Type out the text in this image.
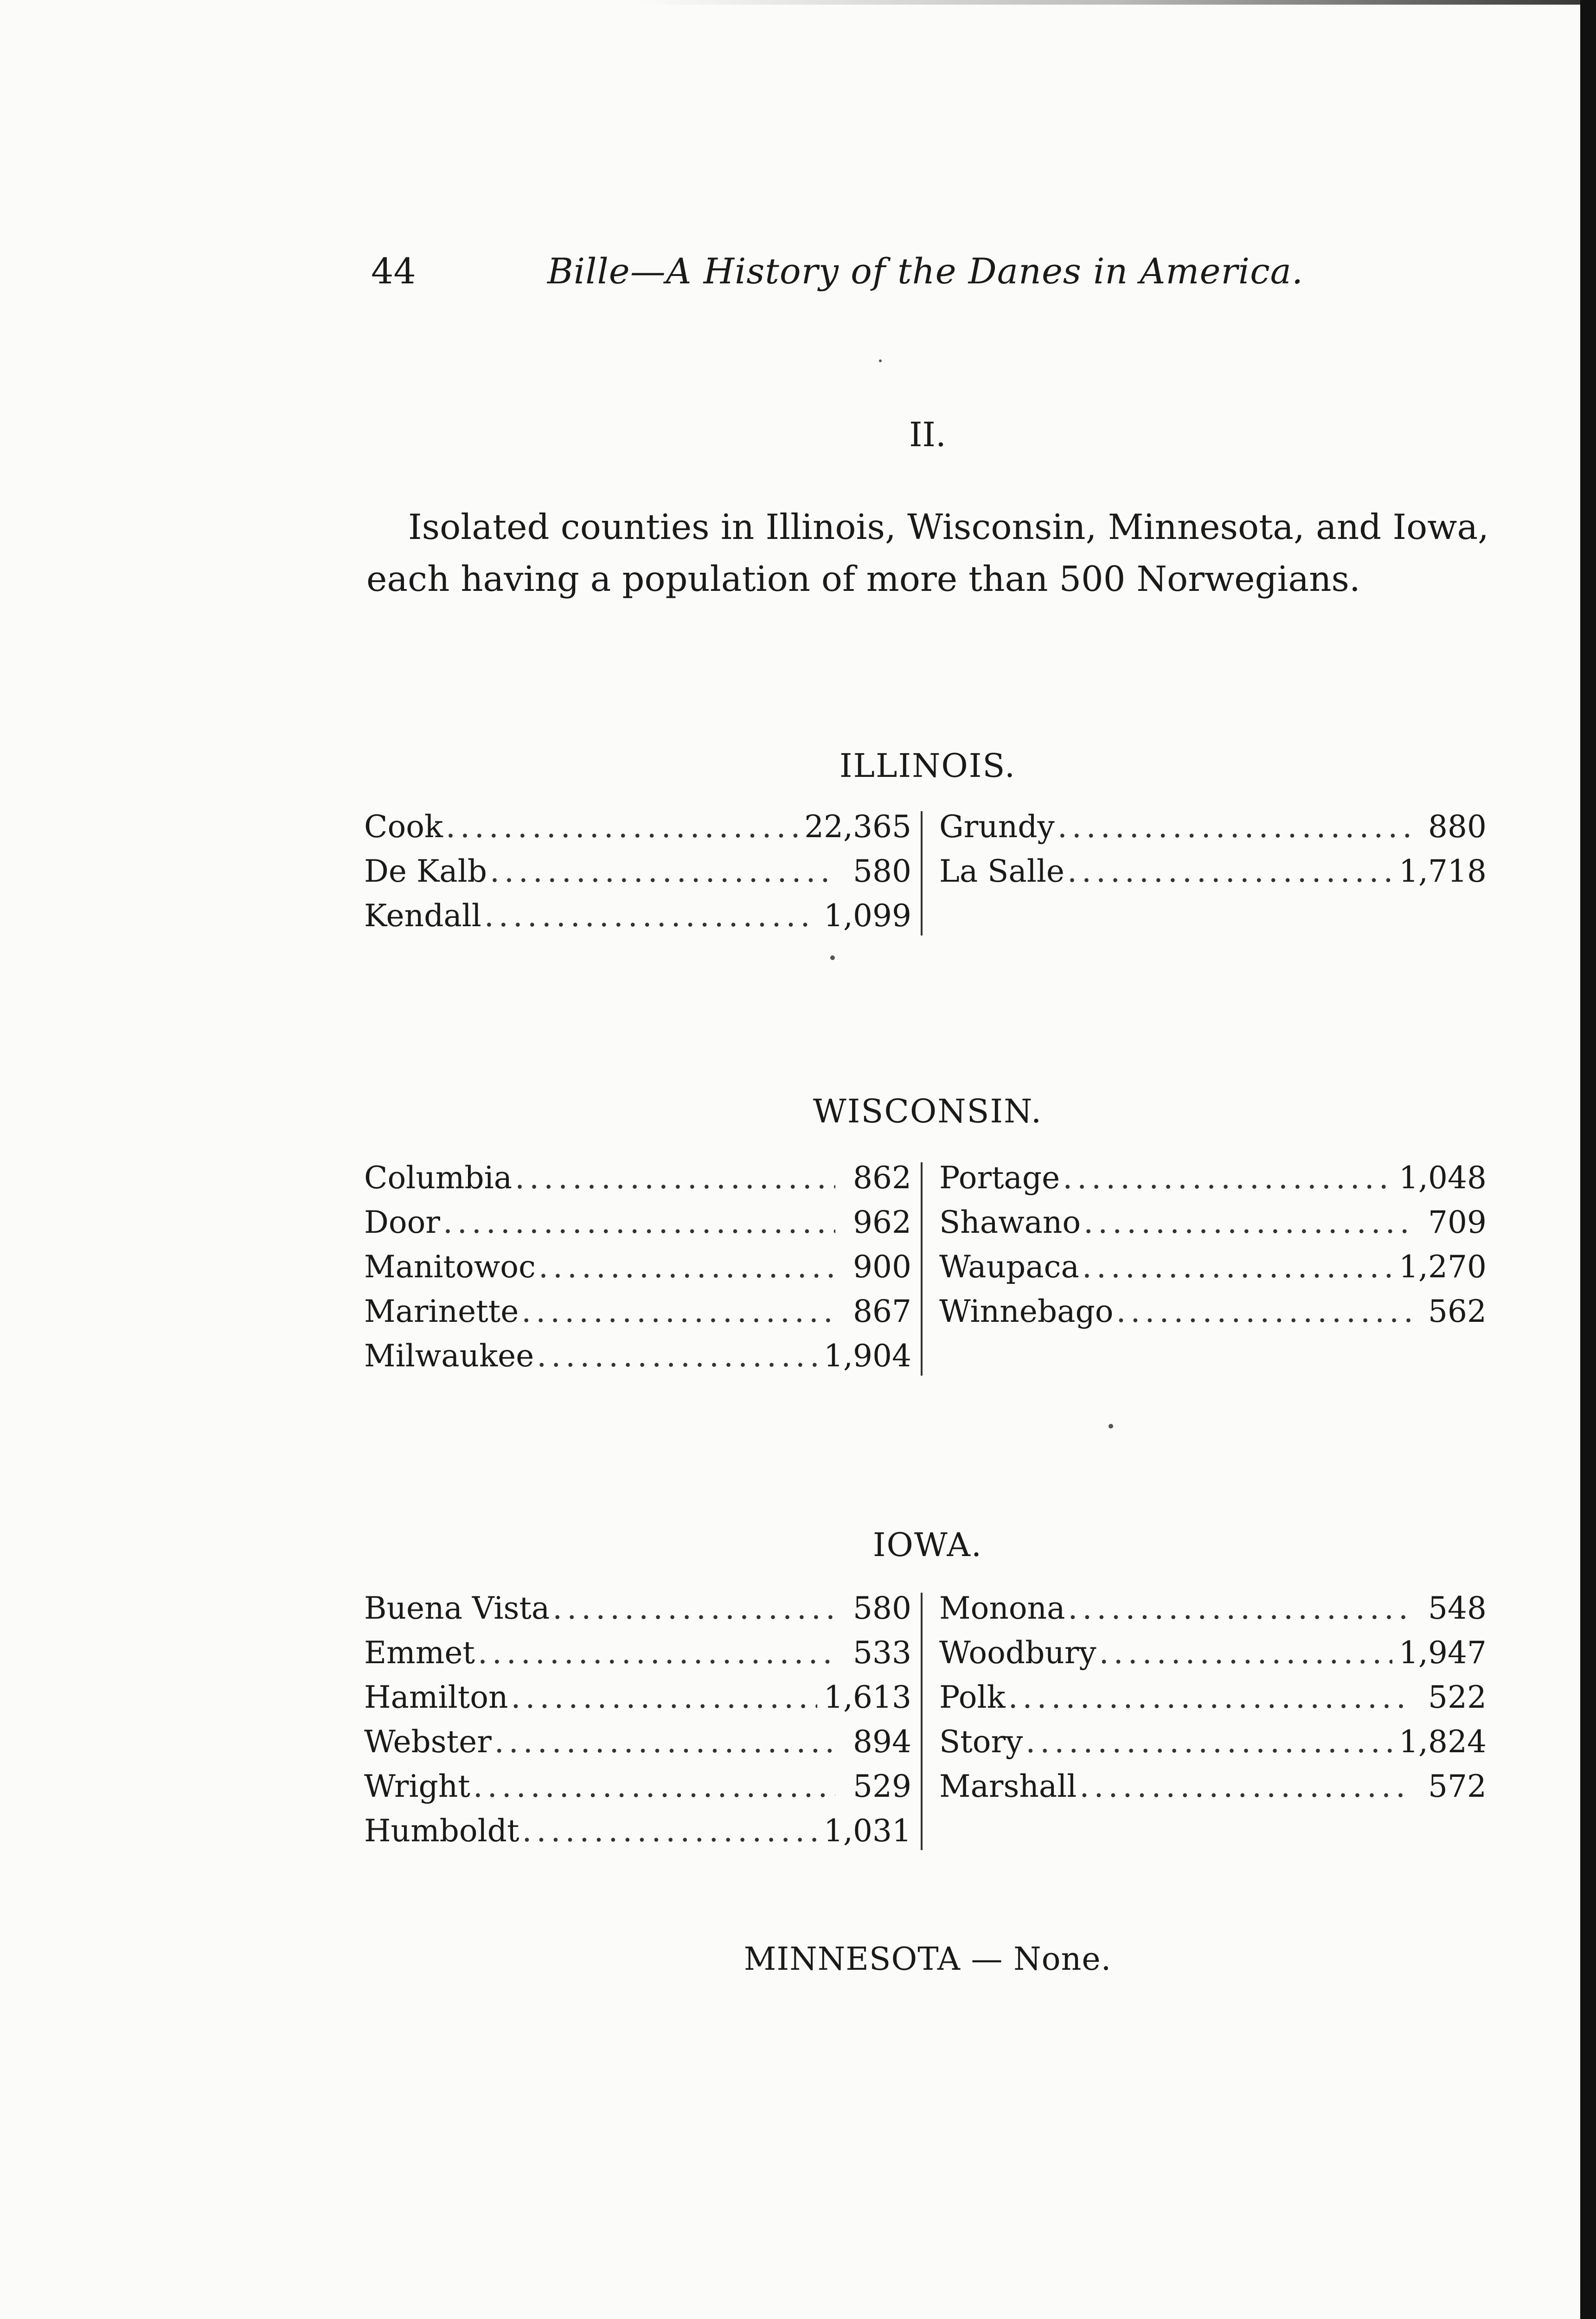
44	Bille—A History of the Danes in America.
II.

Isolated counties in Illinois, Wisconsin, Minnesota, and Iowa, each having a population of more than 500 Norwegians.

ILLINOIS.
Cook .....	22,365
De Kalb .....	580
Kendall .....	1,099
Grundy .....	880
La Salle .....	1,718
WISCONSIN.
Columbia .....	862
Door .....	962
Manitowoc .....	900
Marinette .....	867
Milwaukee .....	1,904
Portage .....	1,048
Shawano .....	709
Waupaca .....	1,270
Winnebago .....	562
IOWA.
Buena Vista .....	580
Emmet .....	533
Hamilton .....	1,613
Webster .....	894
Wright .....	529
Humboldt .....	1,031
Monona .....	548
Woodbury .....	1,947
Polk .....	522
Story .....	1,824
Marshall .....	572
MINNESOTA — None.
